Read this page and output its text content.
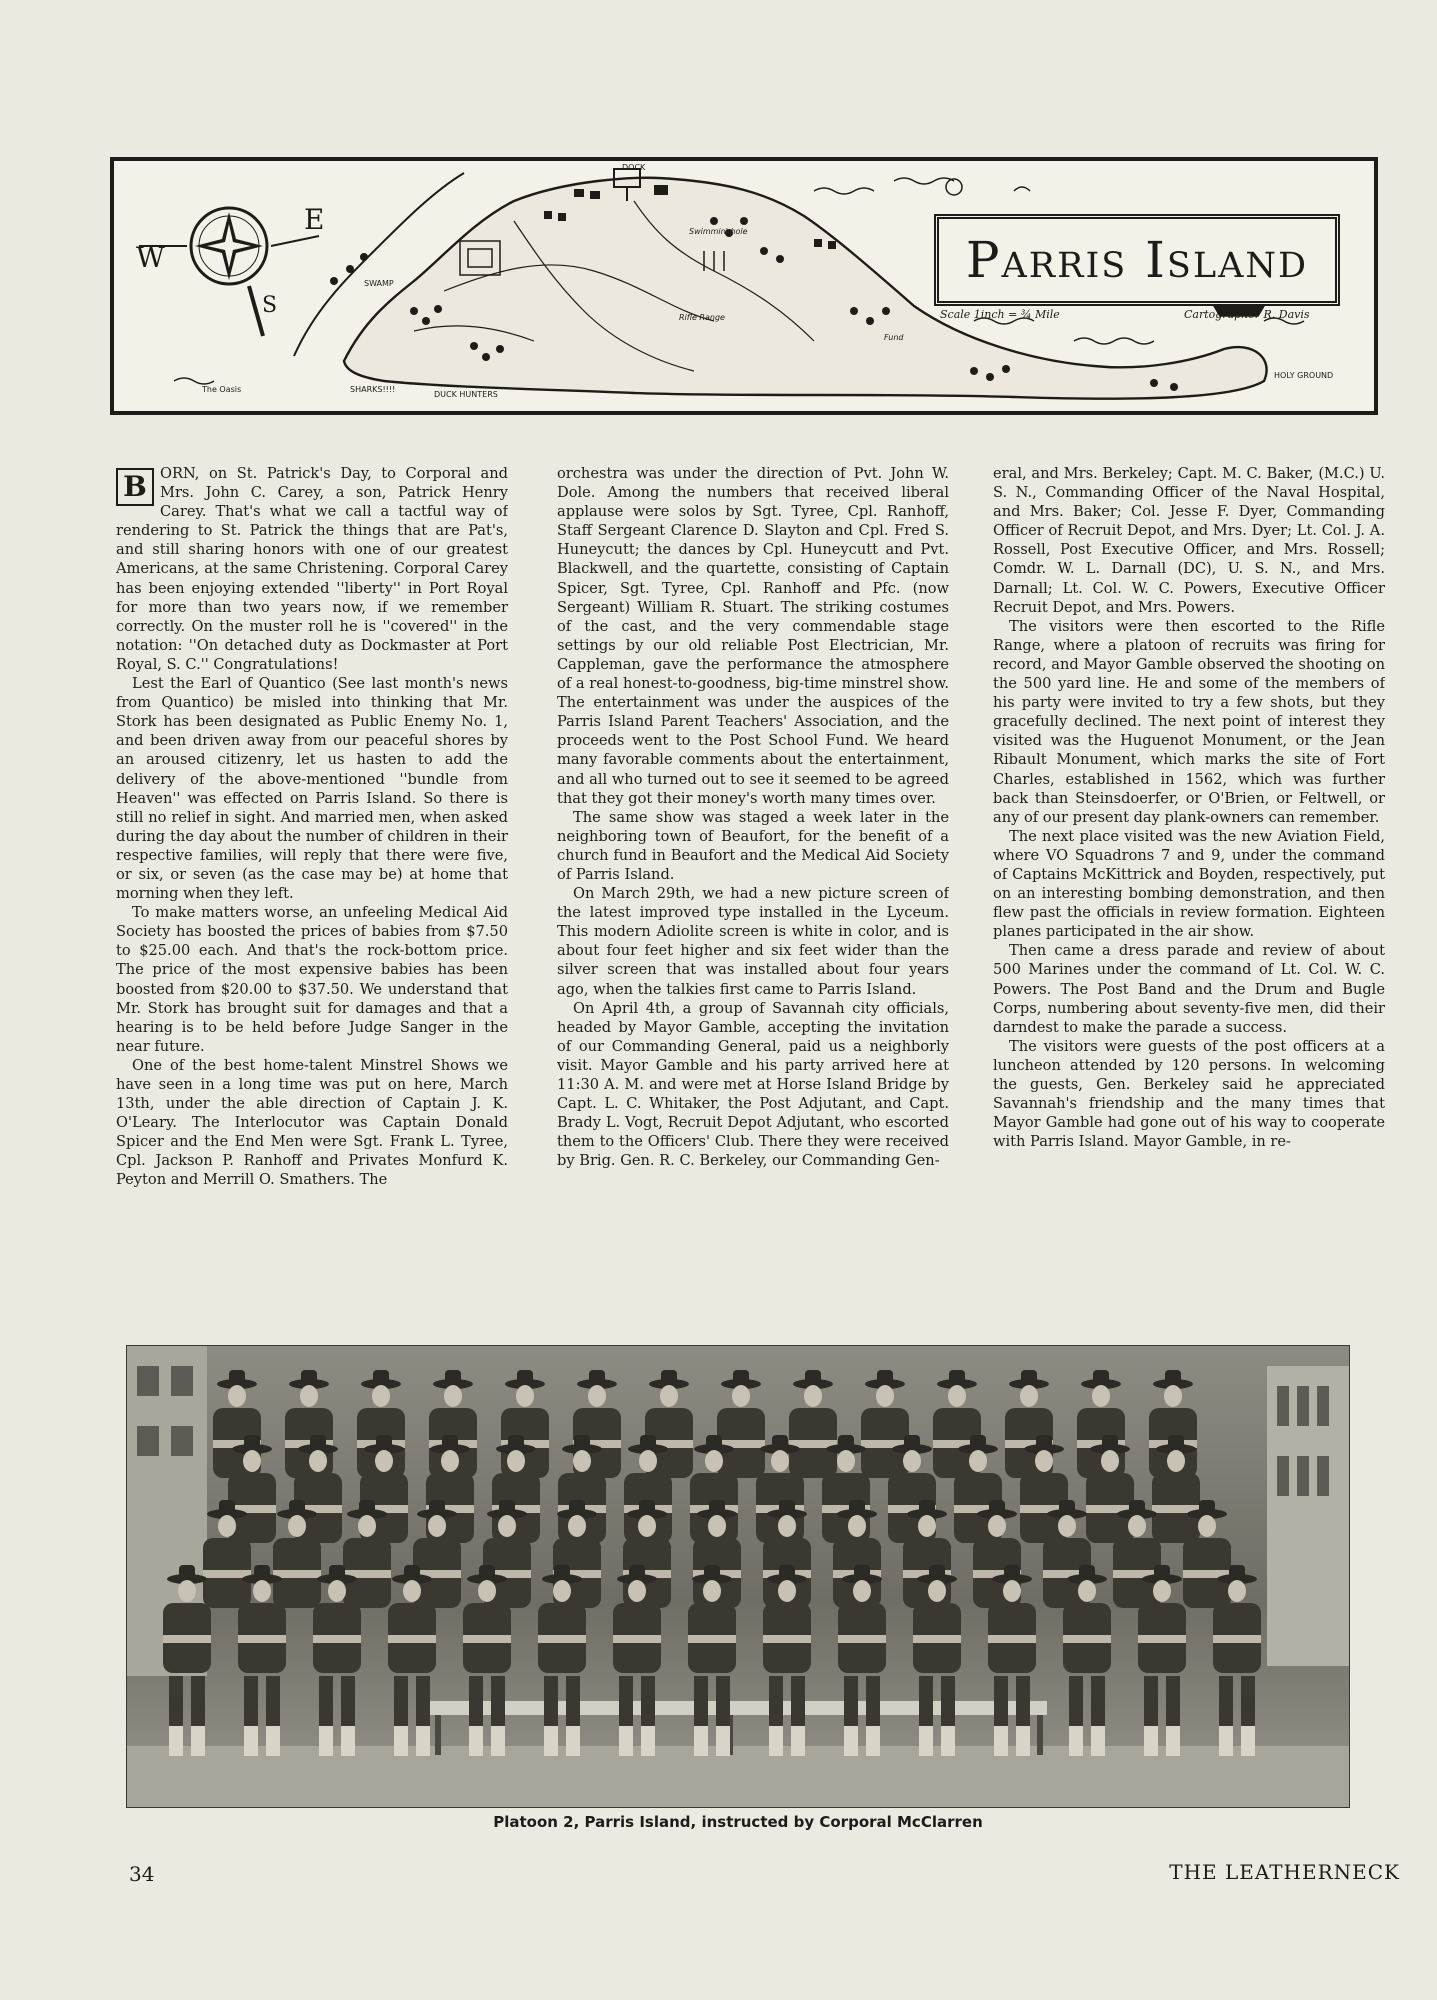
Parris Island
Scale 1inch = ¾ Mile	Cartographer R. Davis
W
E
S
DOCK
Rifle Range
SWAMP
The Oasis	SHARKS!!!!
DUCK HUNTERS
HOLY GROUND
Swimmin' hole
Fund
B ORN, on St. Patrick's Day, to Corporal and Mrs. John C. Carey, a son, Patrick Henry Carey. That's what we call a tactful way of rendering to St. Patrick the things that are Pat's, and still sharing honors with one of our greatest Americans, at the same Christening. Corporal Carey has been enjoying extended ''liberty'' in Port Royal for more than two years now, if we remember correctly. On the muster roll he is ''covered'' in the notation: ''On detached duty as Dockmaster at Port Royal, S. C.'' Congratulations!

Lest the Earl of Quantico (See last month's news from Quantico) be misled into thinking that Mr. Stork has been designated as Public Enemy No. 1, and been driven away from our peaceful shores by an aroused citizenry, let us hasten to add the delivery of the above-mentioned ''bundle from Heaven'' was effected on Parris Island. So there is still no relief in sight. And married men, when asked during the day about the number of children in their respective families, will reply that there were five, or six, or seven (as the case may be) at home that morning when they left.

To make matters worse, an unfeeling Medical Aid Society has boosted the prices of babies from $7.50 to $25.00 each. And that's the rock-bottom price. The price of the most expensive babies has been boosted from $20.00 to $37.50. We understand that Mr. Stork has brought suit for damages and that a hearing is to be held before Judge Sanger in the near future.

One of the best home-talent Minstrel Shows we have seen in a long time was put on here, March 13th, under the able direction of Captain J. K. O'Leary. The Interlocutor was Captain Donald Spicer and the End Men were Sgt. Frank L. Tyree, Cpl. Jackson P. Ranhoff and Privates Monfurd K. Peyton and Merrill O. Smathers. The

orchestra was under the direction of Pvt. John W. Dole. Among the numbers that received liberal applause were solos by Sgt. Tyree, Cpl. Ranhoff, Staff Sergeant Clarence D. Slayton and Cpl. Fred S. Huneycutt; the dances by Cpl. Huneycutt and Pvt. Blackwell, and the quartette, consisting of Captain Spicer, Sgt. Tyree, Cpl. Ranhoff and Pfc. (now Sergeant) William R. Stuart. The striking costumes of the cast, and the very commendable stage settings by our old reliable Post Electrician, Mr. Cappleman, gave the performance the atmosphere of a real honest-to-goodness, big-time minstrel show. The entertainment was under the auspices of the Parris Island Parent Teachers' Association, and the proceeds went to the Post School Fund. We heard many favorable comments about the entertainment, and all who turned out to see it seemed to be agreed that they got their money's worth many times over.

The same show was staged a week later in the neighboring town of Beaufort, for the benefit of a church fund in Beaufort and the Medical Aid Society of Parris Island.

On March 29th, we had a new picture screen of the latest improved type installed in the Lyceum. This modern Adiolite screen is white in color, and is about four feet higher and six feet wider than the silver screen that was installed about four years ago, when the talkies first came to Parris Island.

On April 4th, a group of Savannah city officials, headed by Mayor Gamble, accepting the invitation of our Commanding General, paid us a neighborly visit. Mayor Gamble and his party arrived here at 11:30 A. M. and were met at Horse Island Bridge by Capt. L. C. Whitaker, the Post Adjutant, and Capt. Brady L. Vogt, Recruit Depot Adjutant, who escorted them to the Officers' Club. There they were received by Brig. Gen. R. C. Berkeley, our Commanding Gen-

eral, and Mrs. Berkeley; Capt. M. C. Baker, (M.C.) U. S. N., Commanding Officer of the Naval Hospital, and Mrs. Baker; Col. Jesse F. Dyer, Commanding Officer of Recruit Depot, and Mrs. Dyer; Lt. Col. J. A. Rossell, Post Executive Officer, and Mrs. Rossell; Comdr. W. L. Darnall (DC), U. S. N., and Mrs. Darnall; Lt. Col. W. C. Powers, Executive Officer Recruit Depot, and Mrs. Powers.

The visitors were then escorted to the Rifle Range, where a platoon of recruits was firing for record, and Mayor Gamble observed the shooting on the 500 yard line. He and some of the members of his party were invited to try a few shots, but they gracefully declined. The next point of interest they visited was the Huguenot Monument, or the Jean Ribault Monument, which marks the site of Fort Charles, established in 1562, which was further back than Steinsdoerfer, or O'Brien, or Feltwell, or any of our present day plank-owners can remember.

The next place visited was the new Aviation Field, where VO Squadrons 7 and 9, under the command of Captains McKittrick and Boyden, respectively, put on an interesting bombing demonstration, and then flew past the officials in review formation. Eighteen planes participated in the air show.

Then came a dress parade and review of about 500 Marines under the command of Lt. Col. W. C. Powers. The Post Band and the Drum and Bugle Corps, numbering about seventy-five men, did their darndest to make the parade a success.

The visitors were guests of the post officers at a luncheon attended by 120 persons. In welcoming the guests, Gen. Berkeley said he appreciated Savannah's friendship and the many times that Mayor Gamble had gone out of his way to cooperate with Parris Island. Mayor Gamble, in re-

Platoon 2, Parris Island, instructed by Corporal McClarren
34	THE LEATHERNECK
